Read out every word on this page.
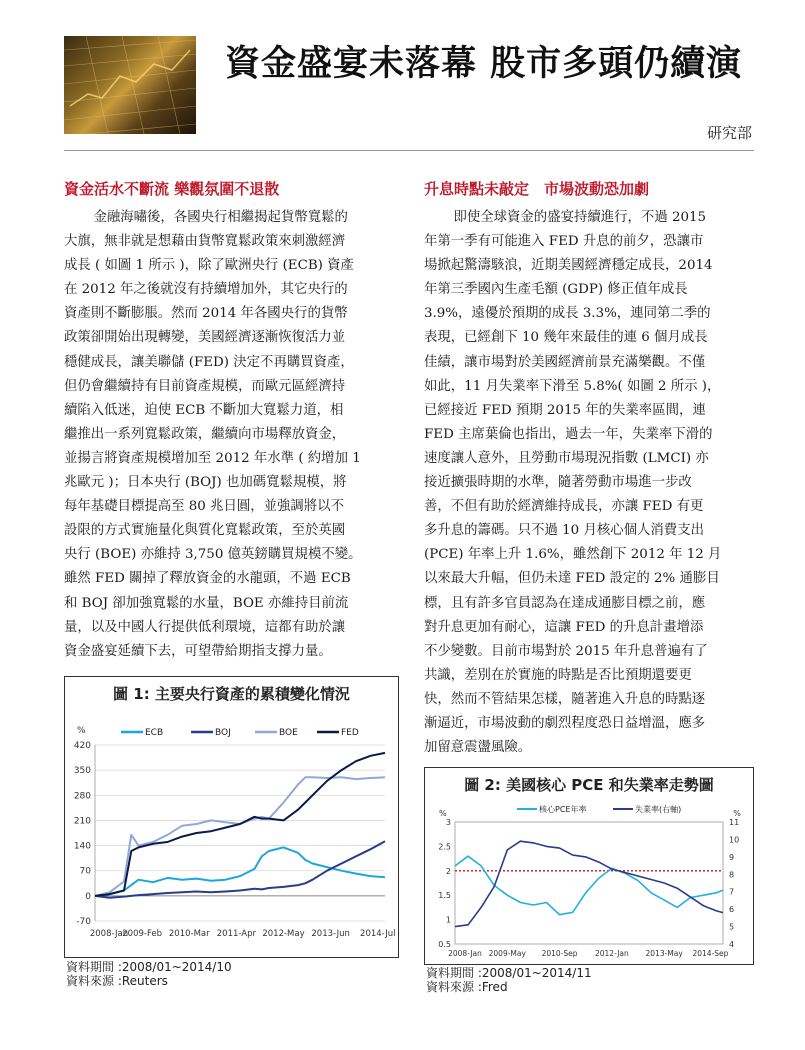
資金盛宴未落幕 股市多頭仍續演
研究部
資金活水不斷流 樂觀氛圍不退散	升息時點未敲定　市場波動恐加劇

金融海嘯後，各國央行相繼揭起貨幣寬鬆的

大旗，無非就是想藉由貨幣寬鬆政策來刺激經濟

成長 ( 如圖 1 所示 )，除了歐洲央行 (ECB) 資產

在 2012 年之後就沒有持續增加外，其它央行的

資產則不斷膨脹。然而 2014 年各國央行的貨幣

政策卻開始出現轉變，美國經濟逐漸恢復活力並

穩健成長，讓美聯儲 (FED) 決定不再購買資產，

但仍會繼續持有目前資產規模，而歐元區經濟持

續陷入低迷，迫使 ECB 不斷加大寬鬆力道，相

繼推出一系列寬鬆政策，繼續向市場釋放資金，

並揚言將資產規模增加至 2012 年水準 ( 約增加 1

兆歐元 )；日本央行 (BOJ) 也加碼寬鬆規模，將

每年基礎目標提高至 80 兆日圓，並強調將以不

設限的方式實施量化與質化寬鬆政策，至於英國

央行 (BOE) 亦維持 3,750 億英鎊購買規模不變。

雖然 FED 關掉了釋放資金的水龍頭，不過 ECB

和 BOJ 卻加強寬鬆的水量，BOE 亦維持目前流

量，以及中國人行提供低利環境，這都有助於讓

資金盛宴延續下去，可望帶給期指支撐力量。

即使全球資金的盛宴持續進行，不過 2015

年第一季有可能進入 FED 升息的前夕，恐讓市

場掀起驚濤駭浪，近期美國經濟穩定成長，2014

年第三季國內生產毛額 (GDP) 修正值年成長

3.9%，遠優於預期的成長 3.3%，連同第二季的

表現，已經創下 10 幾年來最佳的連 6 個月成長

佳績，讓市場對於美國經濟前景充滿樂觀。不僅

如此，11 月失業率下滑至 5.8%( 如圖 2 所示 )，

已經接近 FED 預期 2015 年的失業率區間，連

FED 主席葉倫也指出，過去一年，失業率下滑的

速度讓人意外，且勞動市場現況指數 (LMCI) 亦

接近擴張時期的水準，隨著勞動市場進一步改

善，不但有助於經濟維持成長，亦讓 FED 有更

多升息的籌碼。只不過 10 月核心個人消費支出

(PCE) 年率上升 1.6%，雖然創下 2012 年 12 月

以來最大升幅，但仍未達 FED 設定的 2% 通膨目

標，且有許多官員認為在達成通膨目標之前，應

對升息更加有耐心，這讓 FED 的升息計畫增添

不少變數。目前市場對於 2015 年升息普遍有了

共識，差別在於實施的時點是否比預期還要更

快，然而不管結果怎樣，隨著進入升息的時點逐

漸逼近，市場波動的劇烈程度恐日益增溫，應多

加留意震盪風險。

圖 1: 主要央行資產的累積變化情況
%
-70
0
70
140
210
280
350
420
2008-Jan
2009-Feb 2010-Mar 2011-Apr 2012-May 2013-Jun 2014-Jul
ECB	BOJ	BOE	FED
資料期間 :2008/01~2014/10
資料來源 :Reuters
圖 2: 美國核心 PCE 和失業率走勢圖
%	%
0.5
1
1.5
2
2.5
3
4
5
6
7
8
9
10
11
2008-Jan 2009-May 2010-Sep 2012-Jan 2013-May 2014-Sep
核心PCE年率	失業率(右軸)
資料期間 :2008/01~2014/11
資料來源 :Fred
